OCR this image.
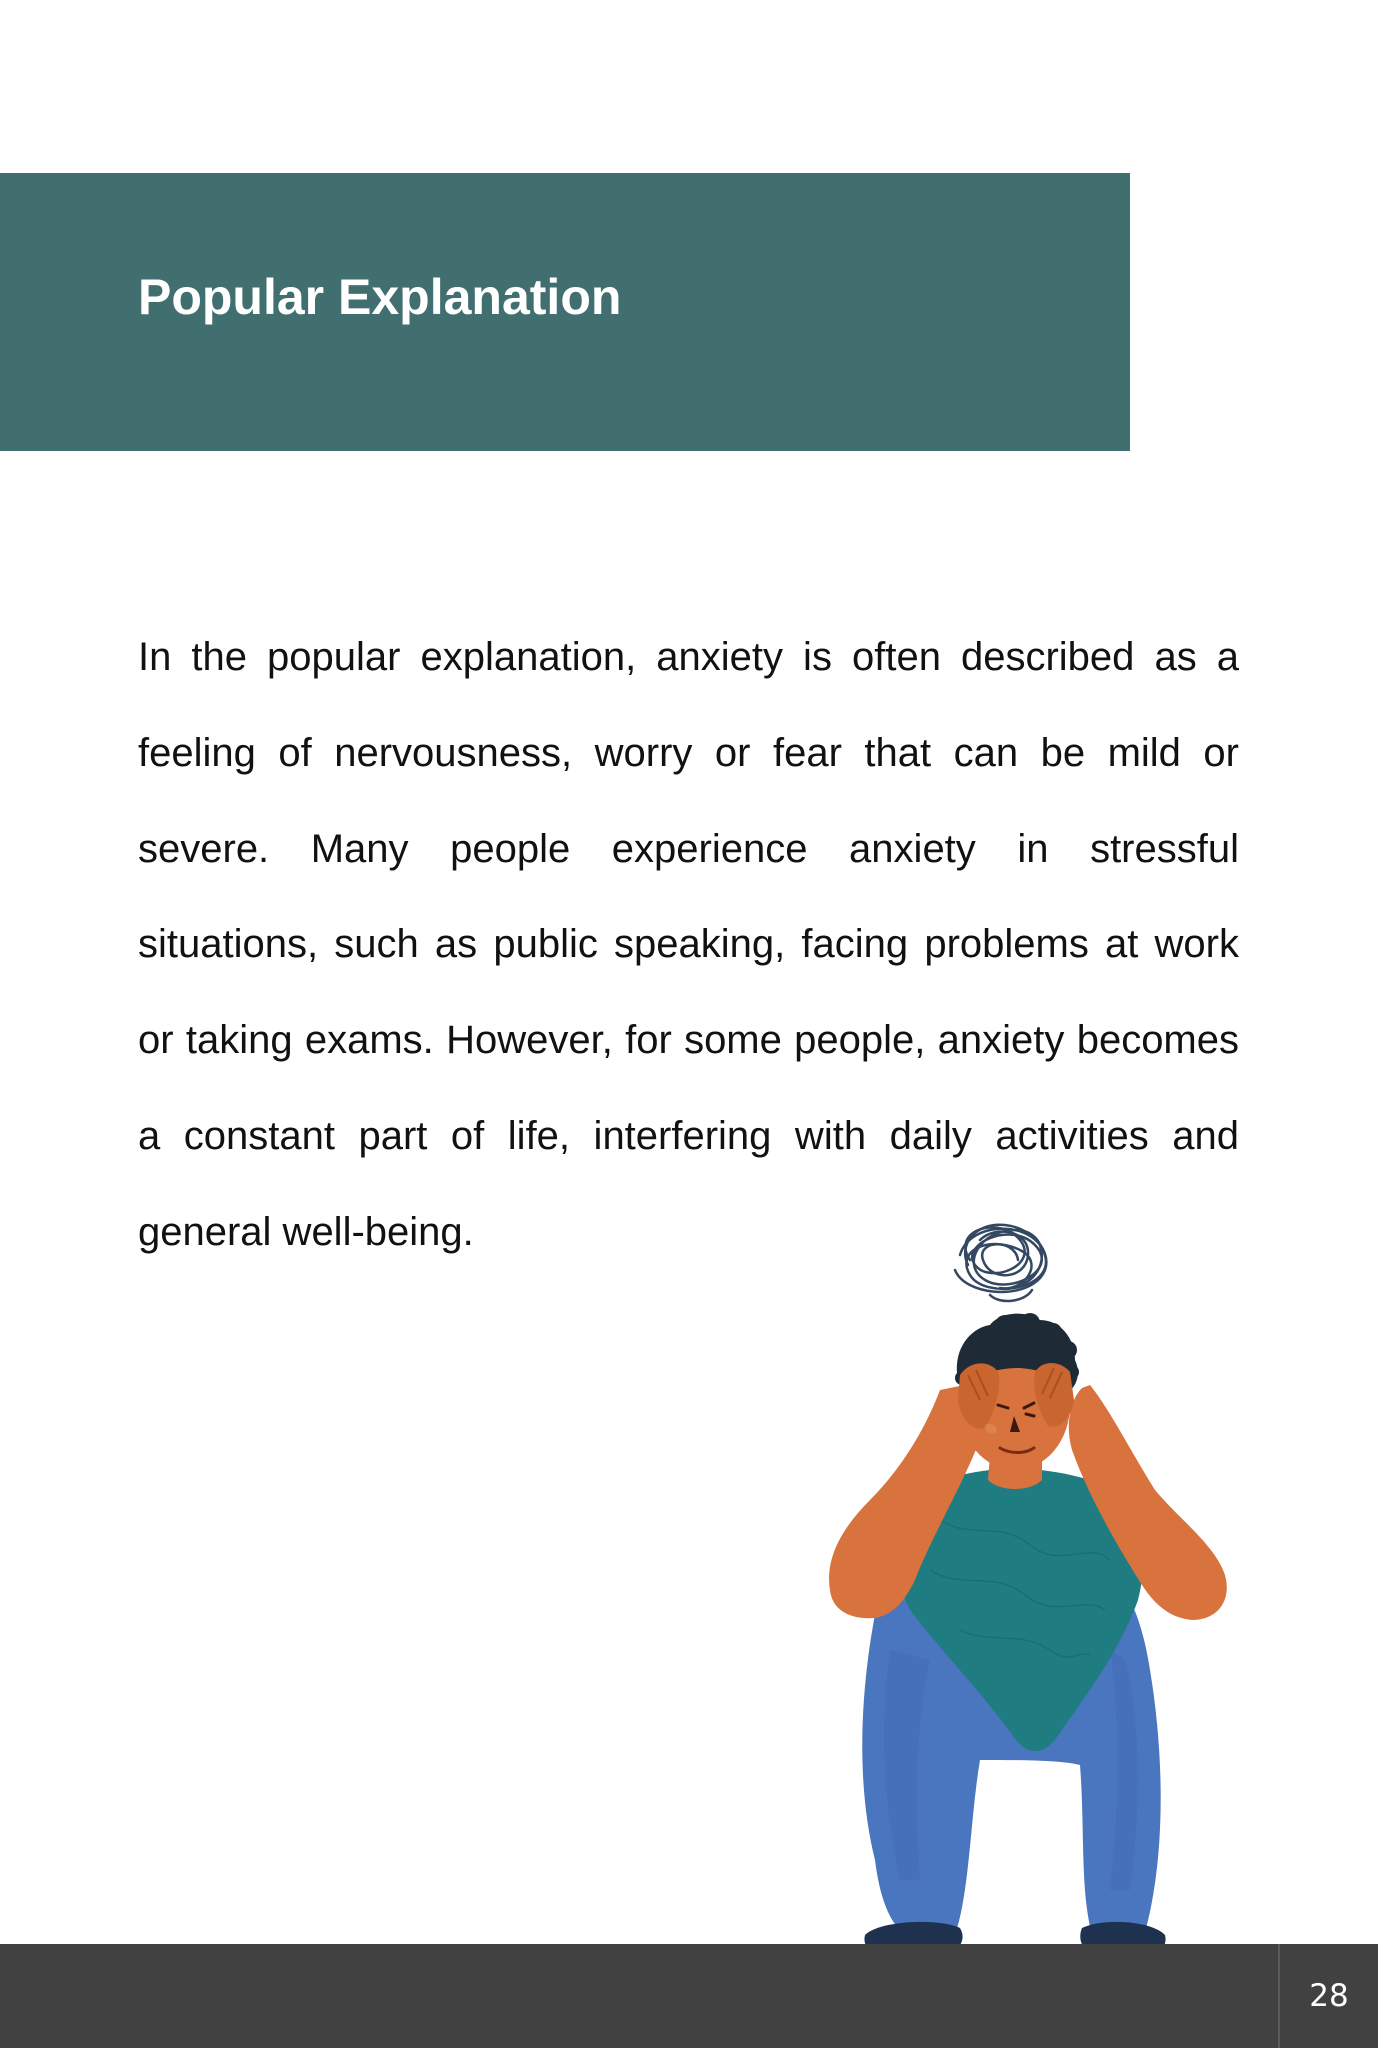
Popular Explanation

In the popular explanation, anxiety is often described as a feeling of nervousness, worry or fear that can be mild or severe. Many people experience anxiety in stressful situations, such as public speaking, facing problems at work or taking exams. However, for some people, anxiety becomes a constant part of life, interfering with daily activities and general well-being.

28
